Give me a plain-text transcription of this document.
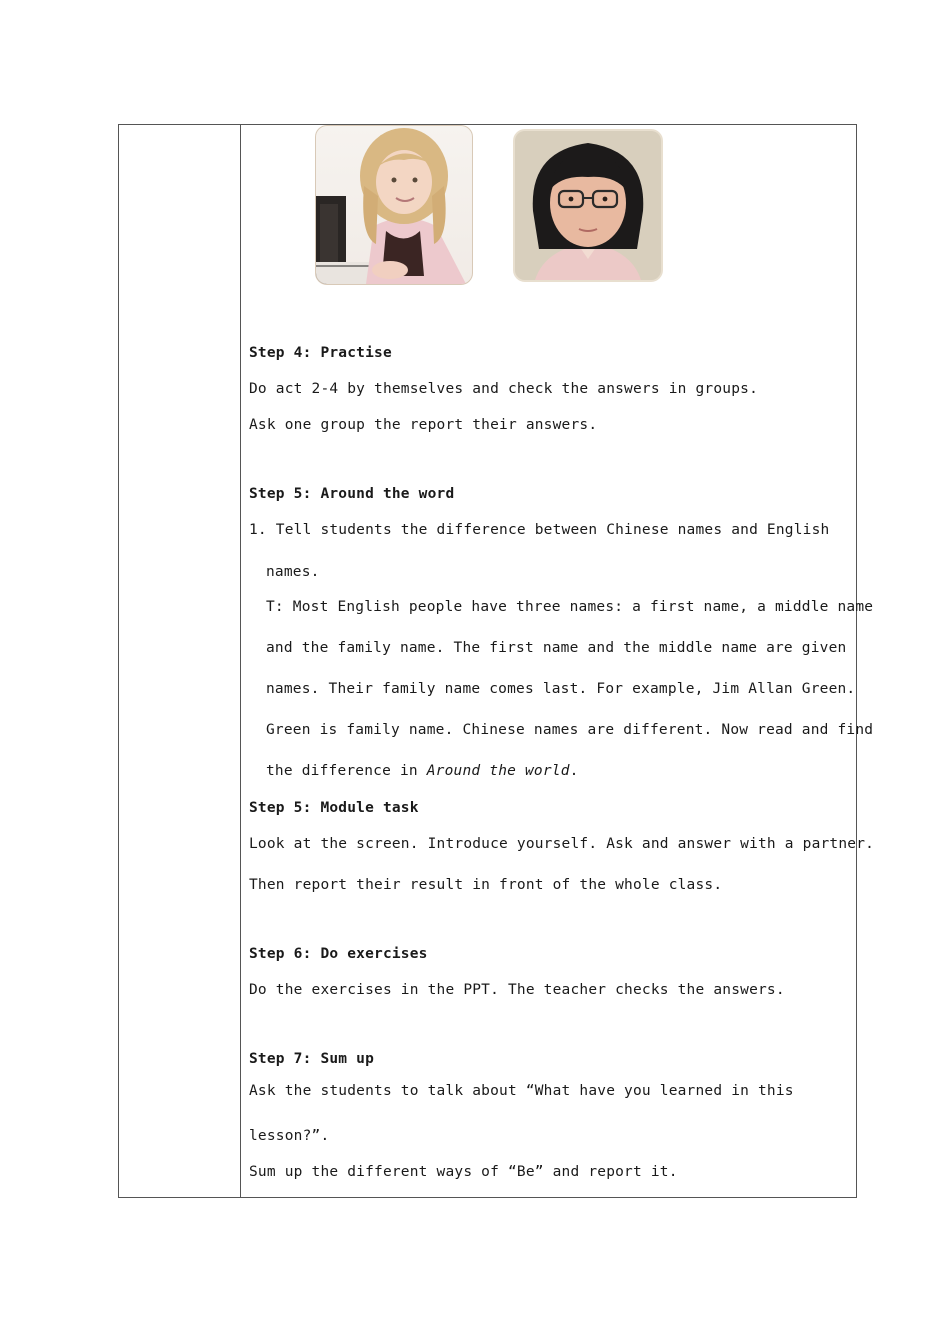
Step 4: Practise
Do act 2-4 by themselves and check the answers in groups.
Ask one group the report their answers.
Step 5: Around the word
1. Tell students the difference between Chinese names and English
names.
T: Most English people have three names: a first name, a middle name
and the family name. The first name and the middle name are given
names. Their family name comes last. For example, Jim Allan Green.
Green is family name. Chinese names are different. Now read and find
the difference in Around the world.
Step 5: Module task
Look at the screen. Introduce yourself. Ask and answer with a partner.
Then report their result in front of the whole class.
Step 6: Do exercises
Do the exercises in the PPT. The teacher checks the answers.
Step 7: Sum up
Ask the students to talk about “What have you learned in this
lesson?”.
Sum up the different ways of “Be” and report it.
